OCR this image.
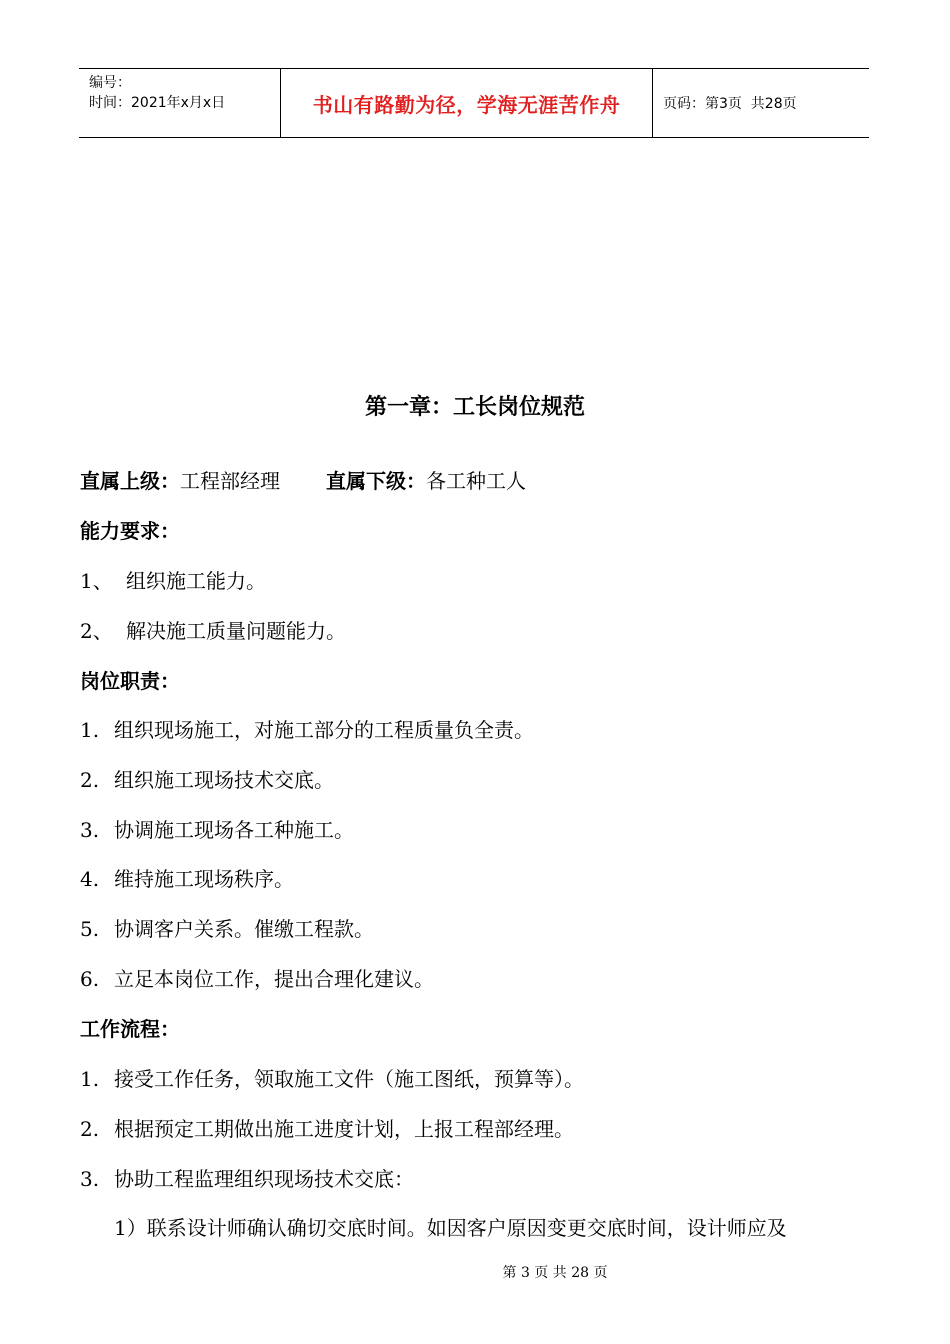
编号：
时间：2021年x月x日	书山有路勤为径，学海无涯苦作舟	页码：第3页  共28页
第一章：工长岗位规范
直属上级：工程部经理 直属下级：各工种工人
能力要求：
1、 组织施工能力。
2、 解决施工质量问题能力。
岗位职责：
1. 组织现场施工，对施工部分的工程质量负全责。
2. 组织施工现场技术交底。
3. 协调施工现场各工种施工。
4. 维持施工现场秩序。
5. 协调客户关系。催缴工程款。
6. 立足本岗位工作，提出合理化建议。
工作流程：
1. 接受工作任务，领取施工文件（施工图纸，预算等）。
2. 根据预定工期做出施工进度计划，上报工程部经理。
3. 协助工程监理组织现场技术交底：
1）联系设计师确认确切交底时间。如因客户原因变更交底时间，设计师应及
第 3 页 共 28 页
